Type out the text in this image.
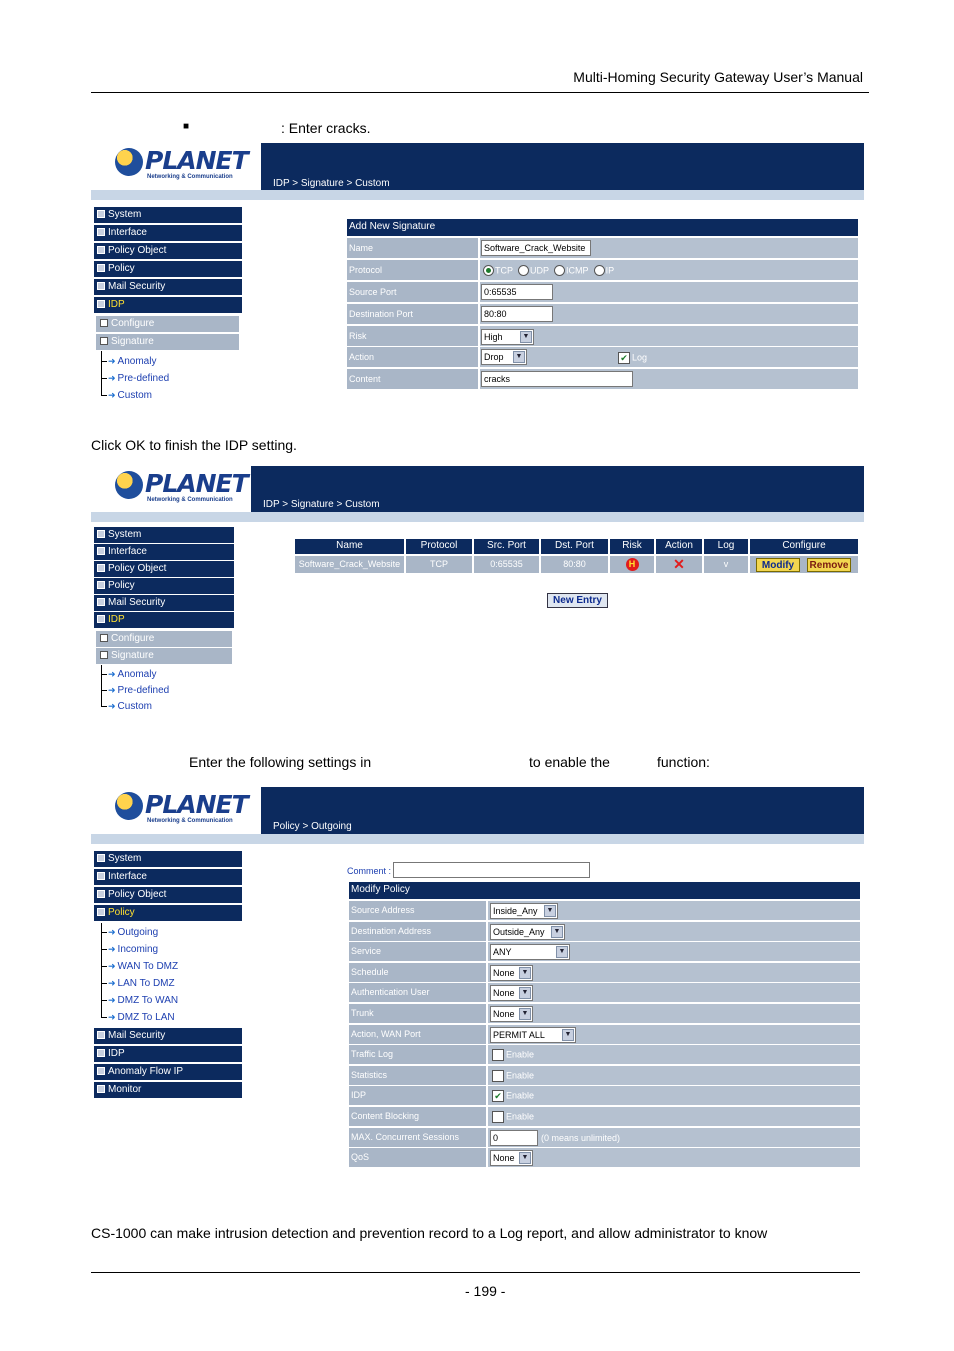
Multi-Homing Security Gateway User’s Manual
■	: Enter cracks.
PLANET
Networking & Communication
IDP > Signature > Custom
System
Interface
Policy Object
Policy
Mail Security
IDP
Configure
Signature
➜ Anomaly
➜ Pre-defined
➜ Custom
Add New Signature
Name	Software_Crack_Website
Protocol	TCP UDP ICMP IP
Source Port	0:65535
Destination Port	80:80
Risk	High	▼
Action	Drop	▼	✔ Log
Content	cracks
Click OK to finish the IDP setting.
PLANET
Networking & Communication	IDP > Signature > Custom
System
Interface
Policy Object
Policy
Mail Security
IDP
Configure
Signature
➜ Anomaly
➜ Pre-defined
➜ Custom
Name	Protocol	Src. Port	Dst. Port	Risk	Action	Log	Configure
Software_Crack_Website	TCP	0:65535	80:80	H	✕	v	Modify	Remove
New Entry
Enter the following settings in	to enable the	function:
PLANET
Networking & Communication	Policy > Outgoing
System
Interface
Policy Object
Policy
➜ Outgoing
➜ Incoming
➜ WAN To DMZ
➜ LAN To DMZ
➜ DMZ To WAN
➜ DMZ To LAN
Mail Security
IDP
Anomaly Flow IP
Monitor
Comment :
Modify Policy
Source Address	Inside_Any	▼
Destination Address	Outside_Any	▼
Service	ANY	▼
Schedule	None	▼
Authentication User	None	▼
Trunk	None	▼
Action, WAN Port	PERMIT ALL	▼
Traffic Log	Enable
Statistics	Enable
IDP	✔ Enable
Content Blocking	Enable
MAX. Concurrent Sessions	0	(0 means unlimited)
QoS	None	▼
CS-1000 can make intrusion detection and prevention record to a Log report, and allow administrator to know
- 199 -
